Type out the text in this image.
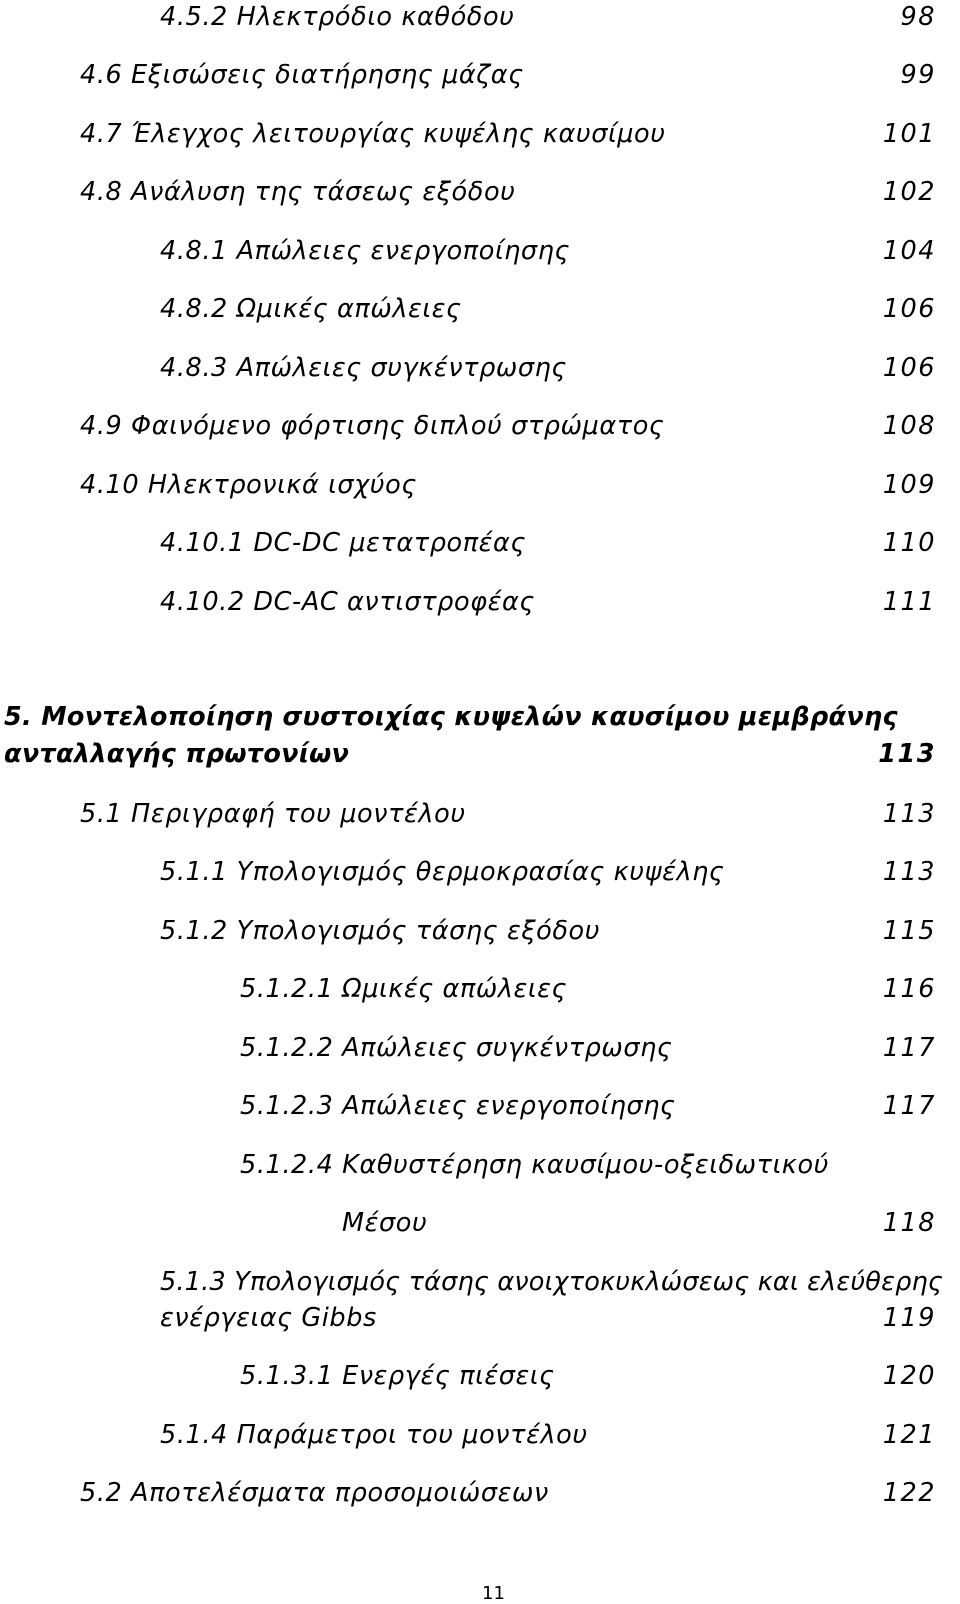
4.5.2 Ηλεκτρόδιο καθόδου	98
4.6 Εξισώσεις διατήρησης μάζας	99
4.7 Έλεγχος λειτουργίας κυψέλης καυσίμου	101
4.8 Ανάλυση της τάσεως εξόδου	102
4.8.1 Απώλειες ενεργοποίησης	104
4.8.2 Ωμικές απώλειες	106
4.8.3 Απώλειες συγκέντρωσης	106
4.9 Φαινόμενο φόρτισης διπλού στρώματος	108
4.10 Ηλεκτρονικά ισχύος	109
4.10.1 DC-DC μετατροπέας	110
4.10.2 DC-AC αντιστροφέας	111
5. Μοντελοποίηση συστοιχίας κυψελών καυσίμου μεμβράνης
ανταλλαγής πρωτονίων	113
5.1 Περιγραφή του μοντέλου	113
5.1.1 Υπολογισμός θερμοκρασίας κυψέλης	113
5.1.2 Υπολογισμός τάσης εξόδου	115
5.1.2.1 Ωμικές απώλειες	116
5.1.2.2 Απώλειες συγκέντρωσης	117
5.1.2.3 Απώλειες ενεργοποίησης	117
5.1.2.4 Καθυστέρηση καυσίμου-οξειδωτικού
Μέσου	118
5.1.3 Υπολογισμός τάσης ανοιχτοκυκλώσεως και ελεύθερης
ενέργειας Gibbs	119
5.1.3.1 Ενεργές πιέσεις	120
5.1.4 Παράμετροι του μοντέλου	121
5.2 Αποτελέσματα προσομοιώσεων	122
11
